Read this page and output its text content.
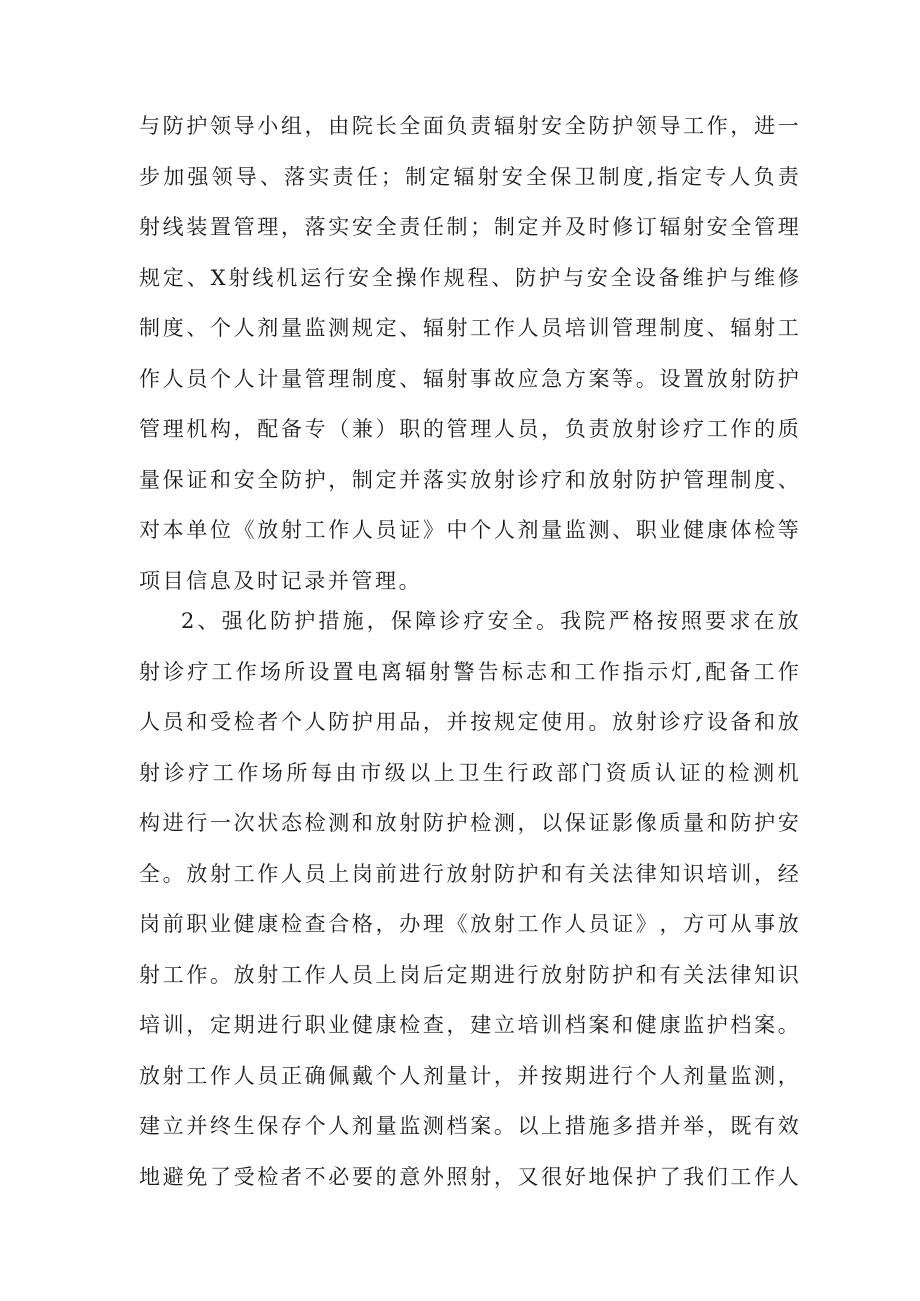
与 防 护 领 导 小 组 ， 由 院 长 全 面 负 责 辐 射 安 全 防 护 领 导 工 作 ， 进 一
步 加 强 领 导 、 落 实 责 任 ； 制 定 辐 射 安 全 保 卫 制 度 , 指 定 专 人 负 责
射 线 装 置 管 理 ， 落 实 安 全 责 任 制 ； 制 定 并 及 时 修 订 辐 射 安 全 管 理
规 定 、 X 射 线 机 运 行 安 全 操 作 规 程 、 防 护 与 安 全 设 备 维 护 与 维 修
制 度 、 个 人 剂 量 监 测 规 定 、 辐 射 工 作 人 员 培 训 管 理 制 度 、 辐 射 工
作 人 员 个 人 计 量 管 理 制 度 、 辐 射 事 故 应 急 方 案 等 。 设 置 放 射 防 护
管 理 机 构 ， 配 备 专 （ 兼 ） 职 的 管 理 人 员 ， 负 责 放 射 诊 疗 工 作 的 质
量 保 证 和 安 全 防 护 ， 制 定 并 落 实 放 射 诊 疗 和 放 射 防 护 管 理 制 度 、
对 本 单 位 《 放 射 工 作 人 员 证 》 中 个 人 剂 量 监 测 、 职 业 健 康 体 检 等
项目信息及时记录并管理。
2 、 强 化 防 护 措 施 ， 保 障 诊 疗 安 全 。 我 院 严 格 按 照 要 求 在 放
射 诊 疗 工 作 场 所 设 置 电 离 辐 射 警 告 标 志 和 工 作 指 示 灯 , 配 备 工 作
人 员 和 受 检 者 个 人 防 护 用 品 ， 并 按 规 定 使 用 。 放 射 诊 疗 设 备 和 放
射 诊 疗 工 作 场 所 每 由 市 级 以 上 卫 生 行 政 部 门 资 质 认 证 的 检 测 机
构 进 行 一 次 状 态 检 测 和 放 射 防 护 检 测 ， 以 保 证 影 像 质 量 和 防 护 安
全 。 放 射 工 作 人 员 上 岗 前 进 行 放 射 防 护 和 有 关 法 律 知 识 培 训 ， 经
岗 前 职 业 健 康 检 查 合 格 ， 办 理 《 放 射 工 作 人 员 证 》 ， 方 可 从 事 放
射 工 作 。 放 射 工 作 人 员 上 岗 后 定 期 进 行 放 射 防 护 和 有 关 法 律 知 识
培 训 ， 定 期 进 行 职 业 健 康 检 查 ， 建 立 培 训 档 案 和 健 康 监 护 档 案 。
放 射 工 作 人 员 正 确 佩 戴 个 人 剂 量 计 ， 并 按 期 进 行 个 人 剂 量 监 测 ，
建 立 并 终 生 保 存 个 人 剂 量 监 测 档 案 。 以 上 措 施 多 措 并 举 ， 既 有 效
地 避 免 了 受 检 者 不 必 要 的 意 外 照 射 ， 又 很 好 地 保 护 了 我 们 工 作 人
